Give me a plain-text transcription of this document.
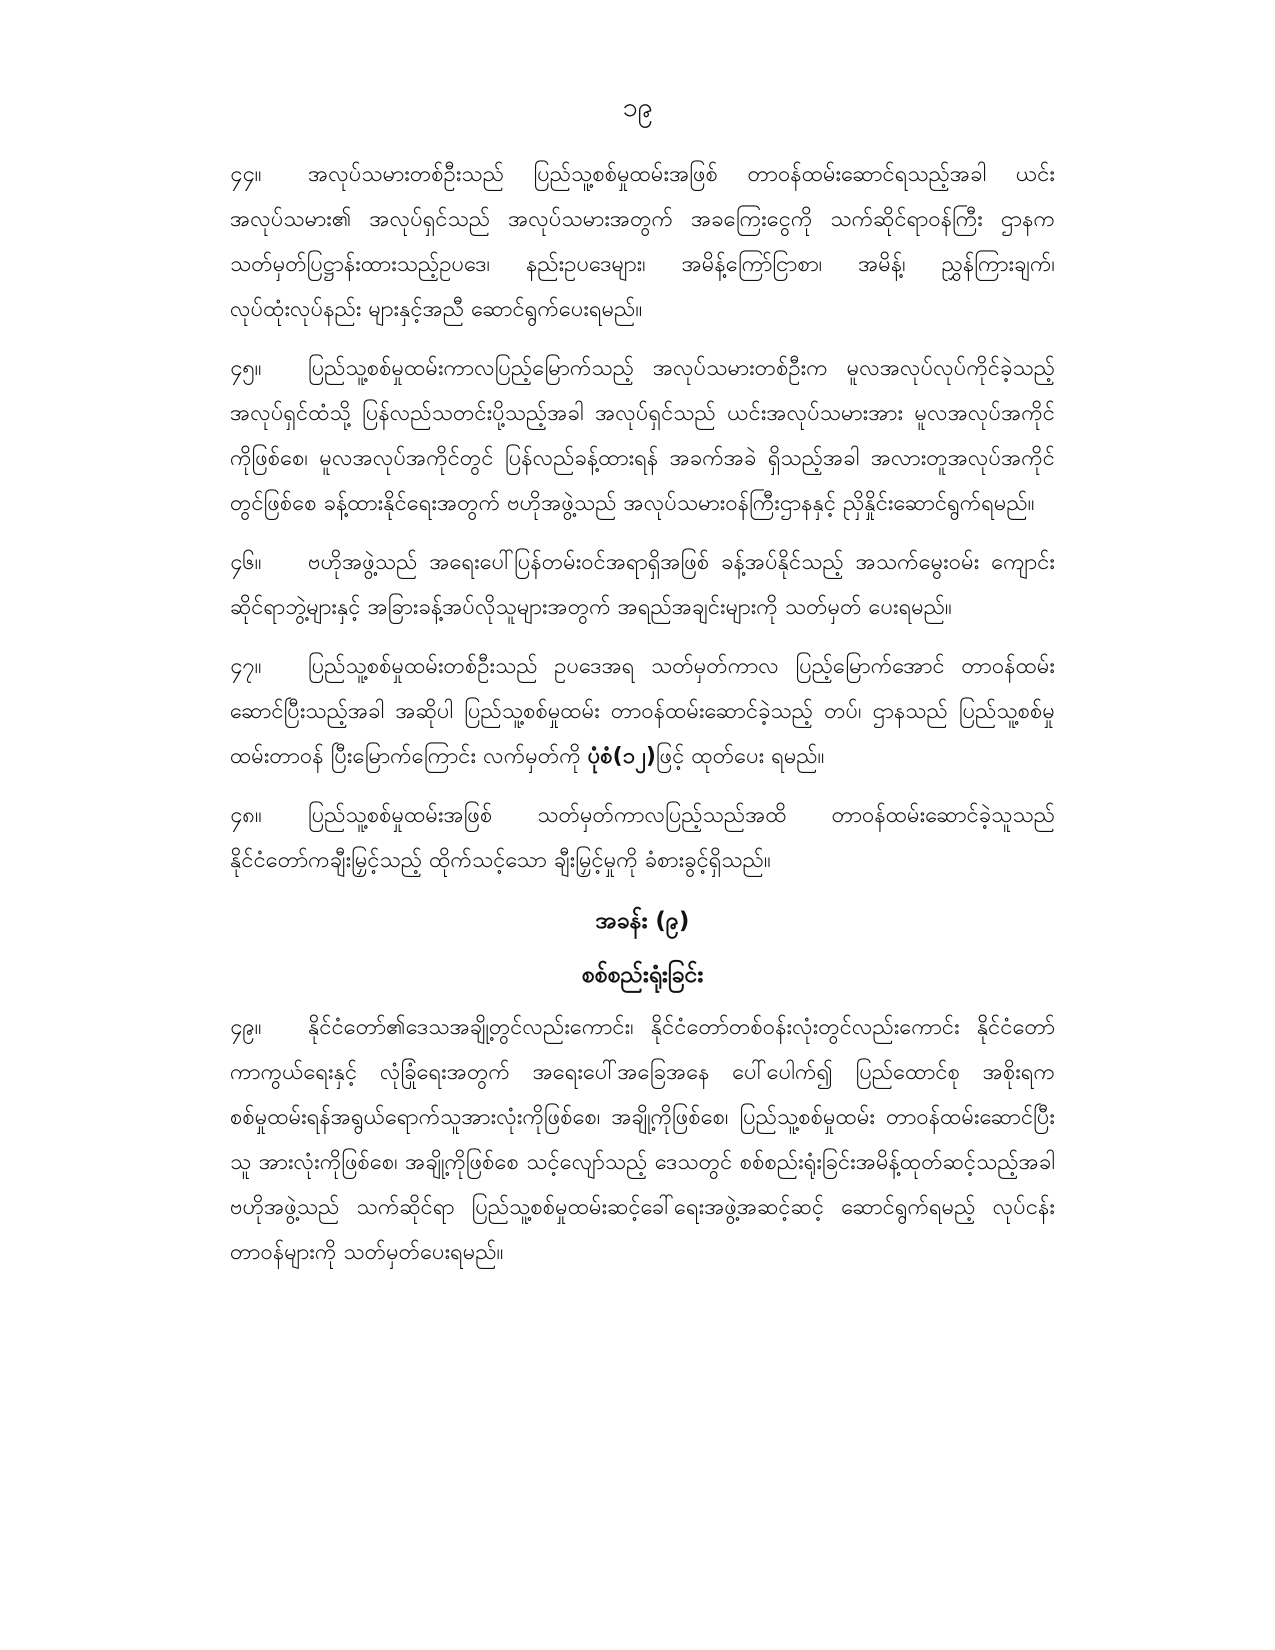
၁၉

၄၄။ အလုပ်သမားတစ်ဦးသည် ပြည်သူ့စစ်မှုထမ်းအဖြစ် တာဝန်ထမ်းဆောင်ရသည့်အခါ ယင်းအလုပ်သမား၏ အလုပ်ရှင်သည် အလုပ်သမားအတွက် အခကြေးငွေကို သက်ဆိုင်ရာဝန်ကြီး ဌာနက သတ်မှတ်ပြဋ္ဌာန်းထားသည့်ဥပဒေ၊ နည်းဥပဒေများ၊ အမိန့်ကြော်ငြာစာ၊ အမိန့်၊ ညွှန်ကြားချက်၊ လုပ်ထုံးလုပ်နည်း များနှင့်အညီ ဆောင်ရွက်ပေးရမည်။

၄၅။ ပြည်သူ့စစ်မှုထမ်းကာလပြည့်မြောက်သည့် အလုပ်သမားတစ်ဦးက မူလအလုပ်လုပ်ကိုင်ခဲ့သည့် အလုပ်ရှင်ထံသို့ ပြန်လည်သတင်းပို့သည့်အခါ အလုပ်ရှင်သည် ယင်းအလုပ်သမားအား မူလအလုပ်အကိုင်ကိုဖြစ်စေ၊ မူလအလုပ်အကိုင်တွင် ပြန်လည်ခန့်ထားရန် အခက်အခဲ ရှိသည့်အခါ အလားတူအလုပ်အကိုင်တွင်ဖြစ်စေ ခန့်ထားနိုင်ရေးအတွက် ဗဟိုအဖွဲ့သည် အလုပ်သမားဝန်ကြီးဌာနနှင့် ညှိနှိုင်းဆောင်ရွက်ရမည်။

၄၆။ ဗဟိုအဖွဲ့သည် အရေးပေါ်ပြန်တမ်းဝင်အရာရှိအဖြစ် ခန့်အပ်နိုင်သည့် အသက်မွေးဝမ်း ကျောင်းဆိုင်ရာဘွဲ့များနှင့် အခြားခန့်အပ်လိုသူများအတွက် အရည်အချင်းများကို သတ်မှတ် ပေးရမည်။

၄၇။ ပြည်သူ့စစ်မှုထမ်းတစ်ဦးသည် ဥပဒေအရ သတ်မှတ်ကာလ ပြည့်မြောက်အောင် တာဝန်ထမ်းဆောင်ပြီးသည့်အခါ အဆိုပါ ပြည်သူ့စစ်မှုထမ်း တာဝန်ထမ်းဆောင်ခဲ့သည့် တပ်၊ ဌာနသည် ပြည်သူ့စစ်မှုထမ်းတာဝန် ပြီးမြောက်ကြောင်း လက်မှတ်ကို ပုံစံ(၁၂)ဖြင့် ထုတ်ပေး ရမည်။

၄၈။ ပြည်သူ့စစ်မှုထမ်းအဖြစ် သတ်မှတ်ကာလပြည့်သည်အထိ တာဝန်ထမ်းဆောင်ခဲ့သူသည် နိုင်ငံတော်ကချီးမြှင့်သည့် ထိုက်သင့်သော ချီးမြှင့်မှုကို ခံစားခွင့်ရှိသည်။

အခန်း (၉)
စစ်စည်းရုံးခြင်း

၄၉။ နိုင်ငံတော်၏ဒေသအချို့တွင်လည်းကောင်း၊ နိုင်ငံတော်တစ်ဝန်းလုံးတွင်လည်းကောင်း နိုင်ငံတော်ကာကွယ်ရေးနှင့် လုံခြုံရေးအတွက် အရေးပေါ်အခြေအနေ ပေါ်ပေါက်၍ ပြည်ထောင်စု အစိုးရက စစ်မှုထမ်းရန်အရွယ်ရောက်သူအားလုံးကိုဖြစ်စေ၊ အချို့ကိုဖြစ်စေ၊ ပြည်သူ့စစ်မှုထမ်း တာဝန်ထမ်းဆောင်ပြီးသူ အားလုံးကိုဖြစ်စေ၊ အချို့ကိုဖြစ်စေ သင့်လျော်သည့် ဒေသတွင် စစ်စည်းရုံးခြင်းအမိန့်ထုတ်ဆင့်သည့်အခါ ဗဟိုအဖွဲ့သည် သက်ဆိုင်ရာ ပြည်သူ့စစ်မှုထမ်းဆင့်ခေါ်ရေးအဖွဲ့အဆင့်ဆင့် ဆောင်ရွက်ရမည့် လုပ်ငန်းတာဝန်များကို သတ်မှတ်ပေးရမည်။
